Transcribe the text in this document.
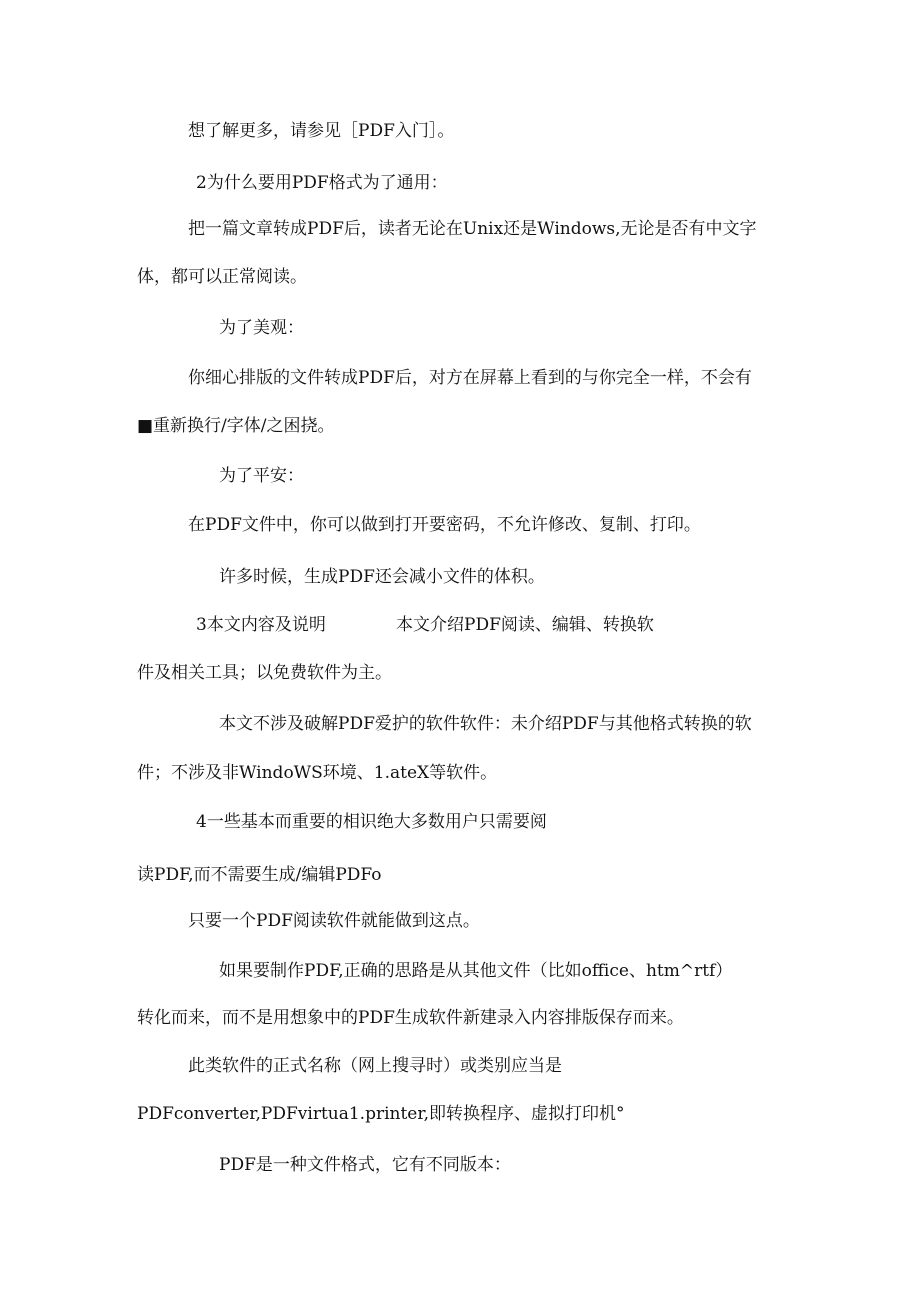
想了解更多，请参见［PDF入门］。
2为什么要用PDF格式为了通用：
把一篇文章转成PDF后，读者无论在Unix还是Windows,无论是否有中文字
体，都可以正常阅读。
为了美观：
你细心排版的文件转成PDF后，对方在屏幕上看到的与你完全一样，不会有
■重新换行/字体/之困挠。
为了平安：
在PDF文件中，你可以做到打开要密码，不允许修改、复制、打印。
许多时候，生成PDF还会减小文件的体积。
3本文内容及说明	本文介绍PDF阅读、编辑、转换软
件及相关工具；以免费软件为主。
本文不涉及破解PDF爱护的软件软件：未介绍PDF与其他格式转换的软
件；不涉及非WindoWS环境、1.ateX等软件。
4一些基本而重要的相识绝大多数用户只需要阅
读PDF,而不需要生成/编辑PDFo
只要一个PDF阅读软件就能做到这点。
如果要制作PDF,正确的思路是从其他文件（比如office、htm^rtf）
转化而来，而不是用想象中的PDF生成软件新建录入内容排版保存而来。
此类软件的正式名称（网上搜寻时）或类别应当是
PDFconverter,PDFvirtua1.printer,即转换程序、虚拟打印机°
PDF是一种文件格式，它有不同版本：
